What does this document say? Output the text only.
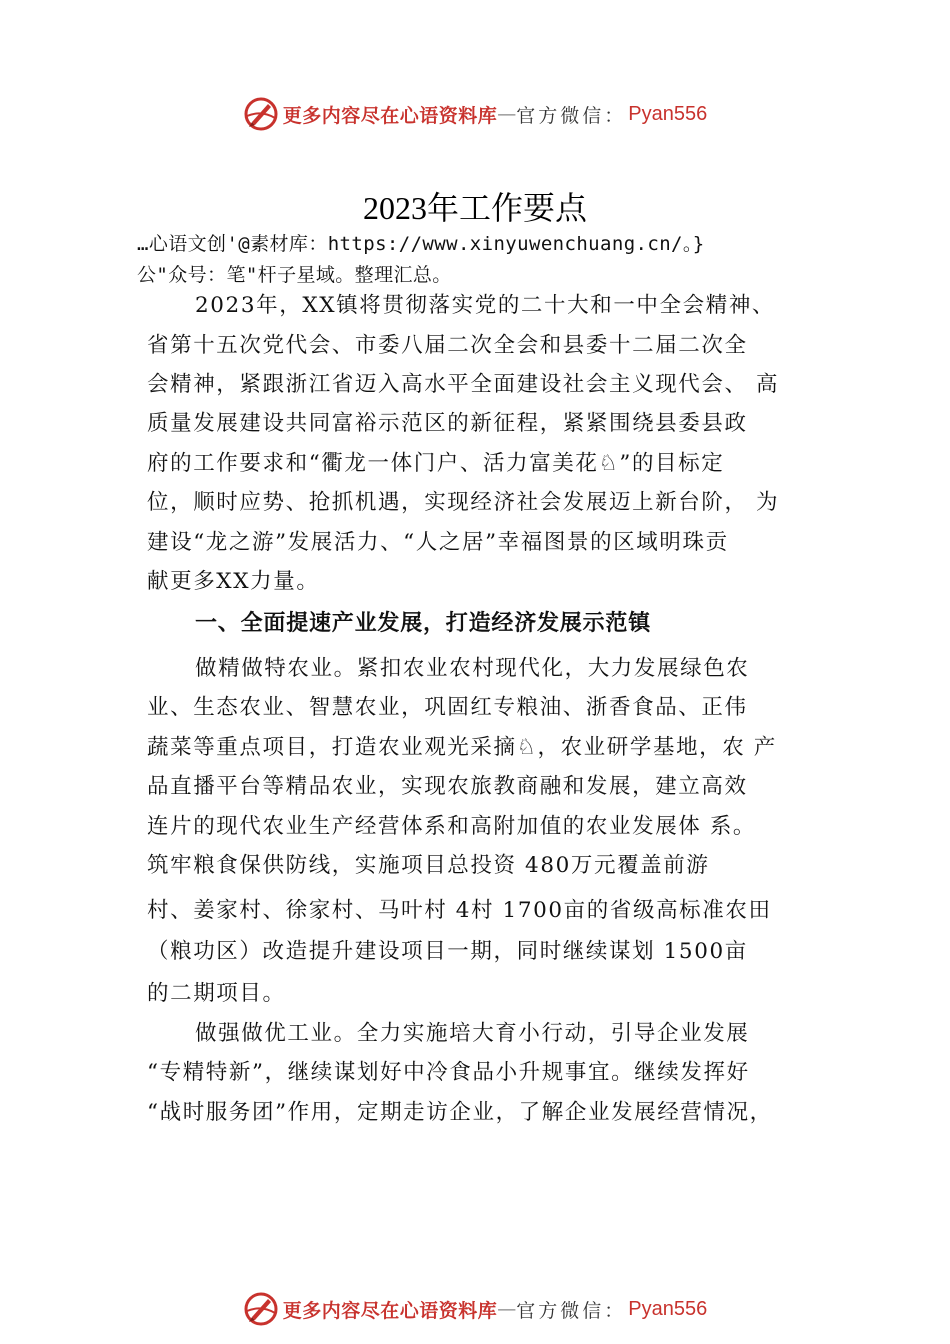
更多内容尽在心语资料库 — 官方微信： Pyan556
2023年工作要点
…心语文创'@素材库：https://www.xinyuwenchuang.cn/。}
公"众号：笔"杆子星域。整理汇总。
2023年，XX镇将贯彻落实党的二十大和一中全会精神、
省第十五次党代会、市委八届二次全会和县委十二届二次全
会精神，紧跟浙江省迈入高水平全面建设社会主义现代会、 高
质量发展建设共同富裕示范区的新征程，紧紧围绕县委县政
府的工作要求和“衢龙一体门户、活力富美花♘”的目标定
位，顺时应势、抢抓机遇，实现经济社会发展迈上新台阶， 为
建设“龙之游”发展活力、“人之居”幸福图景的区域明珠贡
献更多XX力量。
一、全面提速产业发展，打造经济发展示范镇
做精做特农业。紧扣农业农村现代化，大力发展绿色农
业、生态农业、智慧农业，巩固红专粮油、浙香食品、正伟
蔬菜等重点项目，打造农业观光采摘♘，农业研学基地，农 产
品直播平台等精品农业，实现农旅教商融和发展，建立高效
连片的现代农业生产经营体系和高附加值的农业发展体 系。
筑牢粮食保供防线，实施项目总投资 480万元覆盖前游
村、姜家村、徐家村、马叶村 4村 1700亩的省级高标准农田
（粮功区）改造提升建设项目一期，同时继续谋划 1500亩
的二期项目。
做强做优工业。全力实施培大育小行动，引导企业发展
“专精特新”，继续谋划好中冷食品小升规事宜。继续发挥好
“战时服务团”作用，定期走访企业，了解企业发展经营情况，
更多内容尽在心语资料库 — 官方微信： Pyan556
